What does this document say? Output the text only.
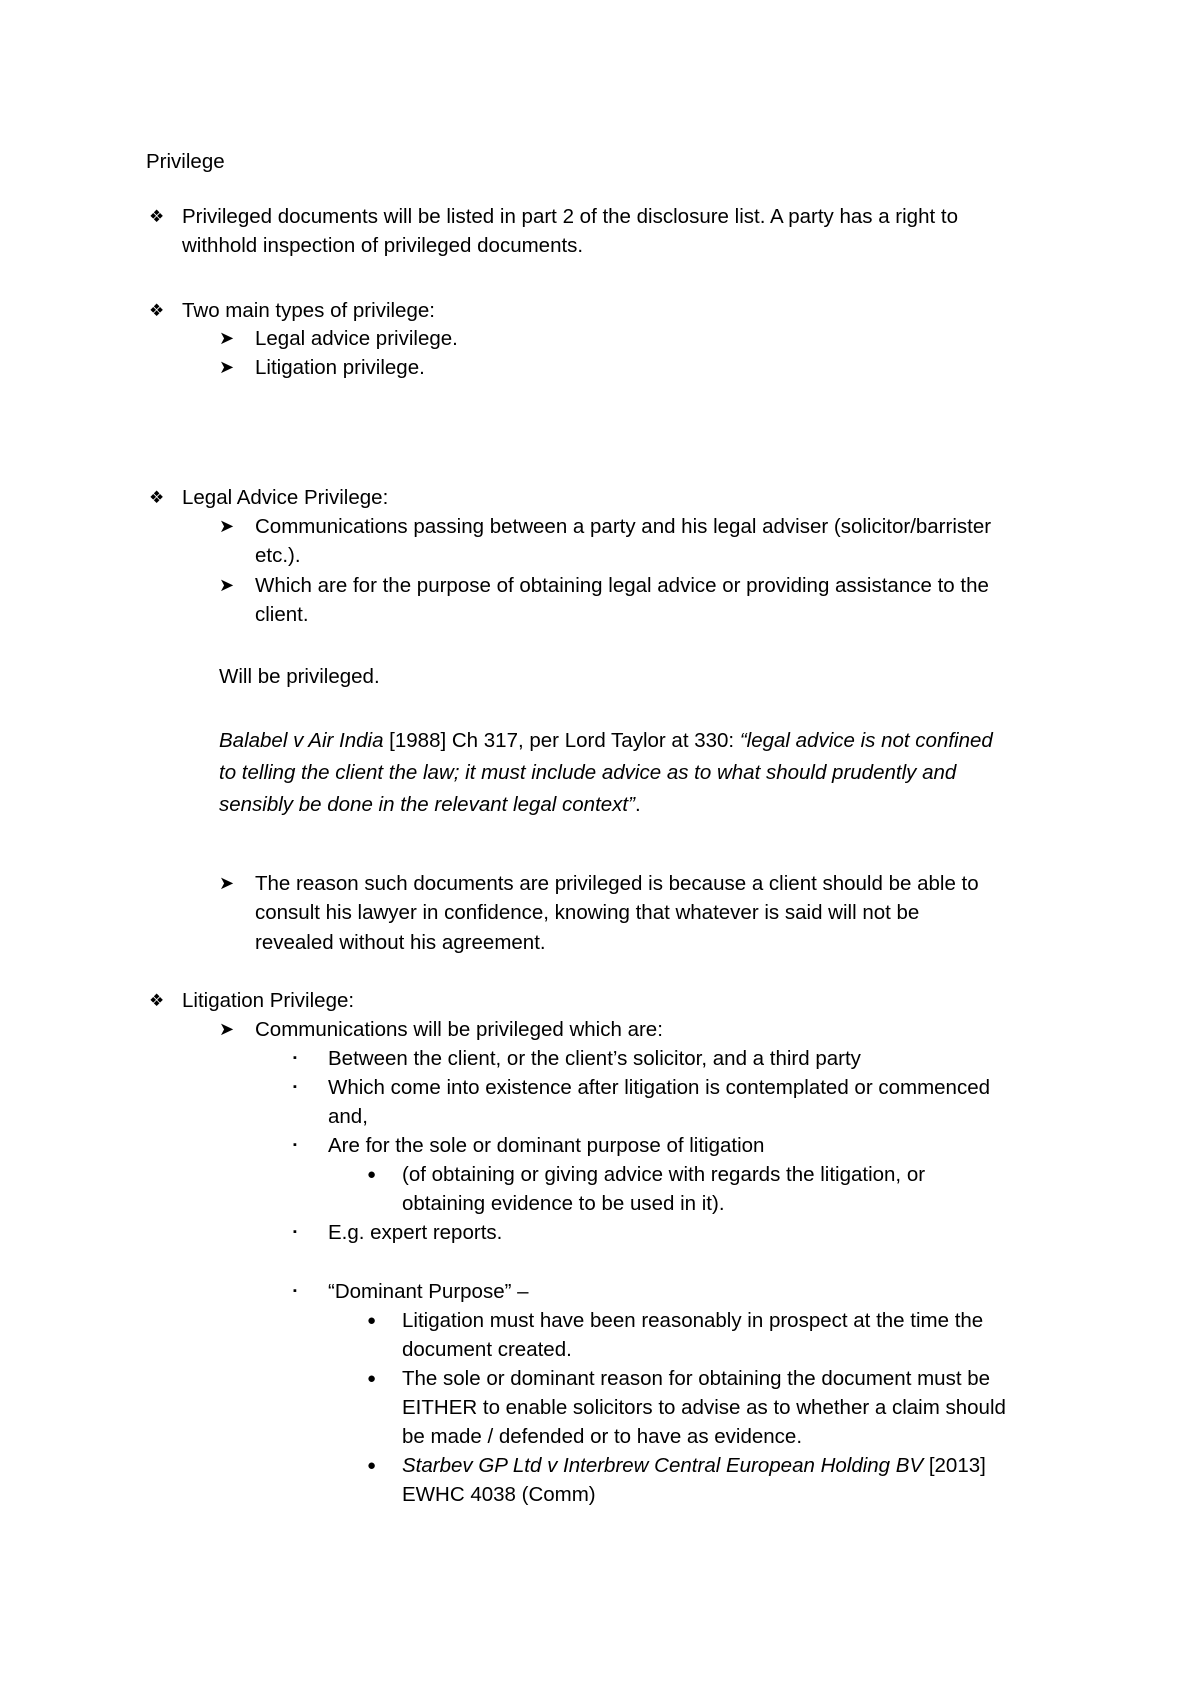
Privilege
❖ Privileged documents will be listed in part 2 of the disclosure list. A party has a right to
withhold inspection of privileged documents.
❖ Two main types of privilege:
➤ Legal advice privilege.
➤ Litigation privilege.
❖ Legal Advice Privilege:
➤ Communications passing between a party and his legal adviser (solicitor/barrister
etc.).
➤ Which are for the purpose of obtaining legal advice or providing assistance to the
client.
Will be privileged.
Balabel v Air India [1988] Ch 317, per Lord Taylor at 330: “legal advice is not confined
to telling the client the law; it must include advice as to what should prudently and
sensibly be done in the relevant legal context”.
➤ The reason such documents are privileged is because a client should be able to
consult his lawyer in confidence, knowing that whatever is said will not be
revealed without his agreement.
❖ Litigation Privilege:
➤ Communications will be privileged which are:
▪ Between the client, or the client’s solicitor, and a third party
▪ Which come into existence after litigation is contemplated or commenced
and,
▪ Are for the sole or dominant purpose of litigation
● (of obtaining or giving advice with regards the litigation, or
obtaining evidence to be used in it).
▪ E.g. expert reports.
▪ “Dominant Purpose” –
● Litigation must have been reasonably in prospect at the time the
document created.
● The sole or dominant reason for obtaining the document must be
EITHER to enable solicitors to advise as to whether a claim should
be made / defended or to have as evidence.
● Starbev GP Ltd v Interbrew Central European Holding BV [2013]
EWHC 4038 (Comm)
